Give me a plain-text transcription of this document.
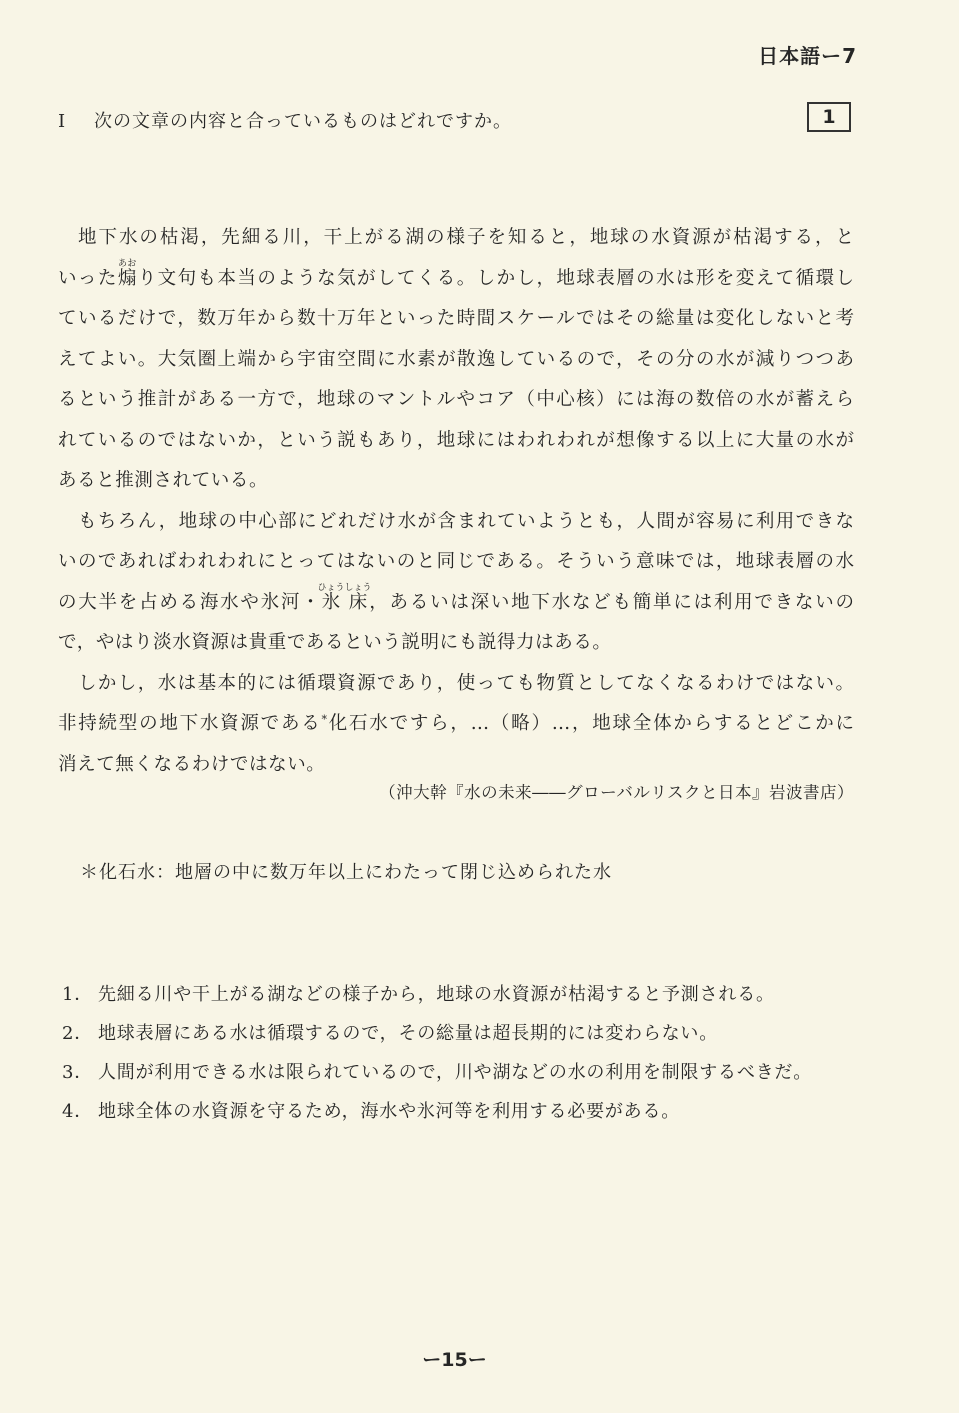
日本語ー7
I 次の文章の内容と合っているものはどれですか。	1
地下水の枯渇，先細る川，干上がる湖の様子を知ると，地球の水資源が枯渇する，と
いった煽あおり文句も本当のような気がしてくる。しかし，地球表層の水は形を変えて循環し
ているだけで，数万年から数十万年といった時間スケールではその総量は変化しないと考
えてよい。大気圏上端から宇宙空間に水素が散逸しているので，その分の水が減りつつあ
るという推計がある一方で，地球のマントルやコア（中心核）には海の数倍の水が蓄えら
れているのではないか，という説もあり，地球にはわれわれが想像する以上に大量の水が
あると推測されている。
もちろん，地球の中心部にどれだけ水が含まれていようとも，人間が容易に利用できな
いのであればわれわれにとってはないのと同じである。そういう意味では，地球表層の水
の大半を占める海水や氷河・氷床ひょうしょう，あるいは深い地下水なども簡単には利用できないの
で，やはり淡水資源は貴重であるという説明にも説得力はある。
しかし，水は基本的には循環資源であり，使っても物質としてなくなるわけではない。
非持続型の地下水資源である*化石水ですら，…（略）…，地球全体からするとどこかに
消えて無くなるわけではない。
（沖大幹『水の未来――グローバルリスクと日本』岩波書店）
＊化石水：地層の中に数万年以上にわたって閉じ込められた水
1． 先細る川や干上がる湖などの様子から，地球の水資源が枯渇すると予測される。
2． 地球表層にある水は循環するので，その総量は超長期的には変わらない。
3． 人間が利用できる水は限られているので，川や湖などの水の利用を制限するべきだ。
4． 地球全体の水資源を守るため，海水や氷河等を利用する必要がある。
ー15ー
